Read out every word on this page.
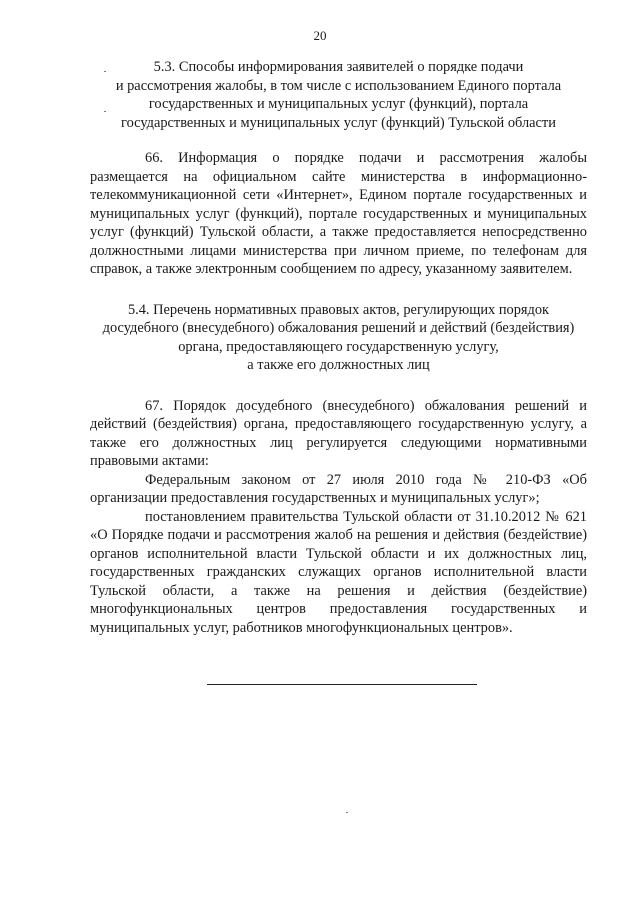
20
5.3. Способы информирования заявителей о порядке подачи
и рассмотрения жалобы, в том числе с использованием Единого портала
государственных и муниципальных услуг (функций), портала
государственных и муниципальных услуг (функций) Тульской области

66. Информация о порядке подачи и рассмотрения жалобы размещается на официальном сайте министерства в информационно-телекоммуникационной сети «Интернет», Едином портале государственных и муниципальных услуг (функций), портале государственных и муниципальных услуг (функций) Тульской области, а также предоставляется непосредственно должностными лицами министерства при личном приеме, по телефонам для справок, а также электронным сообщением по адресу, указанному заявителем.

5.4. Перечень нормативных правовых актов, регулирующих порядок
досудебного (внесудебного) обжалования решений и действий (бездействия)
органа, предоставляющего государственную услугу,
а также его должностных лиц

67. Порядок досудебного (внесудебного) обжалования решений и действий (бездействия) органа, предоставляющего государственную услугу, а также его должностных лиц регулируется следующими нормативными правовыми актами:

Федеральным законом от 27 июля 2010 года № 210-ФЗ «Об организации предоставления государственных и муниципальных услуг»;

постановлением правительства Тульской области от 31.10.2012 № 621 «О Порядке подачи и рассмотрения жалоб на решения и действия (бездействие) органов исполнительной власти Тульской области и их должностных лиц, государственных гражданских служащих органов исполнительной власти Тульской области, а также на решения и действия (бездействие) многофункциональных центров предоставления государственных и муниципальных услуг, работников многофункциональных центров».
